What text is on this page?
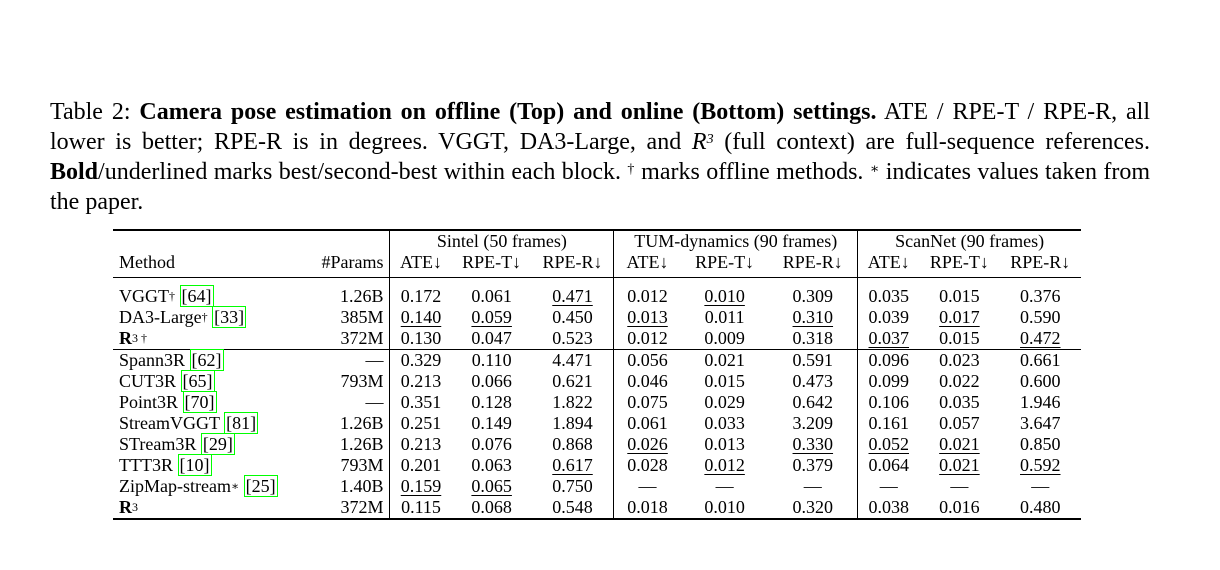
Table 2: Camera pose estimation on offline (Top) and online (Bottom) settings. ATE / RPE-T / RPE-R, all lower is better; RPE-R is in degrees. VGGT, DA3-Large, and $R^3$ (full context) are full-sequence references. Bold/underlined marks best/second-best within each block. † marks offline methods. ∗ indicates values taken from the paper.
		Sintel (50 frames)			TUM-dynamics (90 frames)			ScanNet (90 frames)		
Method	#Params	ATE↓	RPE-T↓	RPE-R↓	ATE↓	RPE-T↓	RPE-R↓	ATE↓	RPE-T↓	RPE-R↓
VGGT† [64]	1.26B	0.172	0.061	0.471	0.012	0.010	0.309	0.035	0.015	0.376
DA3-Large† [33]	385M	0.140	0.059	0.450	0.013	0.011	0.310	0.039	0.017	0.590
$R^{3 \dagger}$	372M	0.130	0.047	0.523	0.012	0.009	0.318	0.037	0.015	0.472
Spann3R [62]	—	0.329	0.110	4.471	0.056	0.021	0.591	0.096	0.023	0.661
CUT3R [65]	793M	0.213	0.066	0.621	0.046	0.015	0.473	0.099	0.022	0.600
Point3R [70]	—	0.351	0.128	1.822	0.075	0.029	0.642	0.106	0.035	1.946
StreamVGGT [81]	1.26B	0.251	0.149	1.894	0.061	0.033	3.209	0.161	0.057	3.647
STream3R [29]	1.26B	0.213	0.076	0.868	0.026	0.013	0.330	0.052	0.021	0.850
TTT3R [10]	793M	0.201	0.063	0.617	0.028	0.012	0.379	0.064	0.021	0.592
ZipMap-stream∗ [25]	1.40B	0.159	0.065	0.750	—	—	—	—	—	—
$R^3$	372M	0.115	0.068	0.548	0.018	0.010	0.320	0.038	0.016	0.480
